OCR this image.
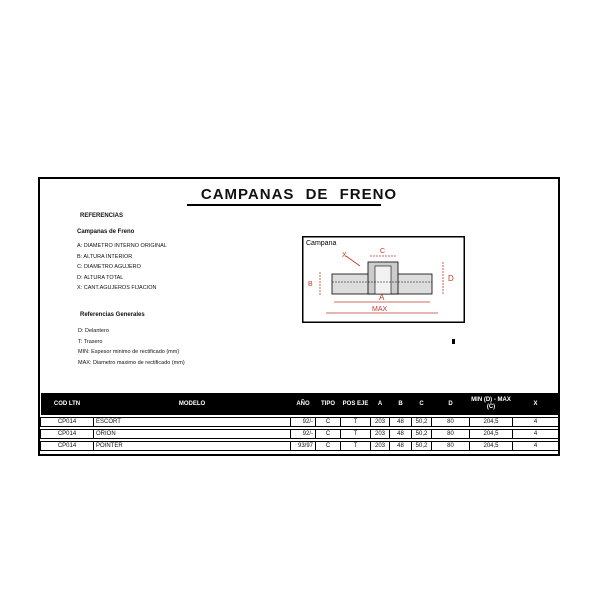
CAMPANAS DE FRENO
REFERENCIAS
Campanas de Freno
A: DIAMETRO INTERNO ORIGINAL
B: ALTURA INTERIOR
C: DIAMETRO AGUJERO
D: ALTURA TOTAL
X: CANT.AGUJEROS FIJACION
Referencias Generales
D: Delantero
T: Trasero
MIN: Espesor minimo de rectificado (mm)
MAX: Diametro maximo de rectificado (mm)
Campana
C
X
B
D
A
MAX
COD LTN	MODELO	AÑO	TIPO	POS EJE	A	B	C	D	MIN (D) - MAX (C)	X

CP014	ESCORT	92/-	C	T	203	48	50,2	80	204,5	4

CP014	ORION	92/-	C	T	203	48	50,2	80	204,5	4

CP014	POINTER	93/97	C	T	203	48	50,2	80	204,5	4
